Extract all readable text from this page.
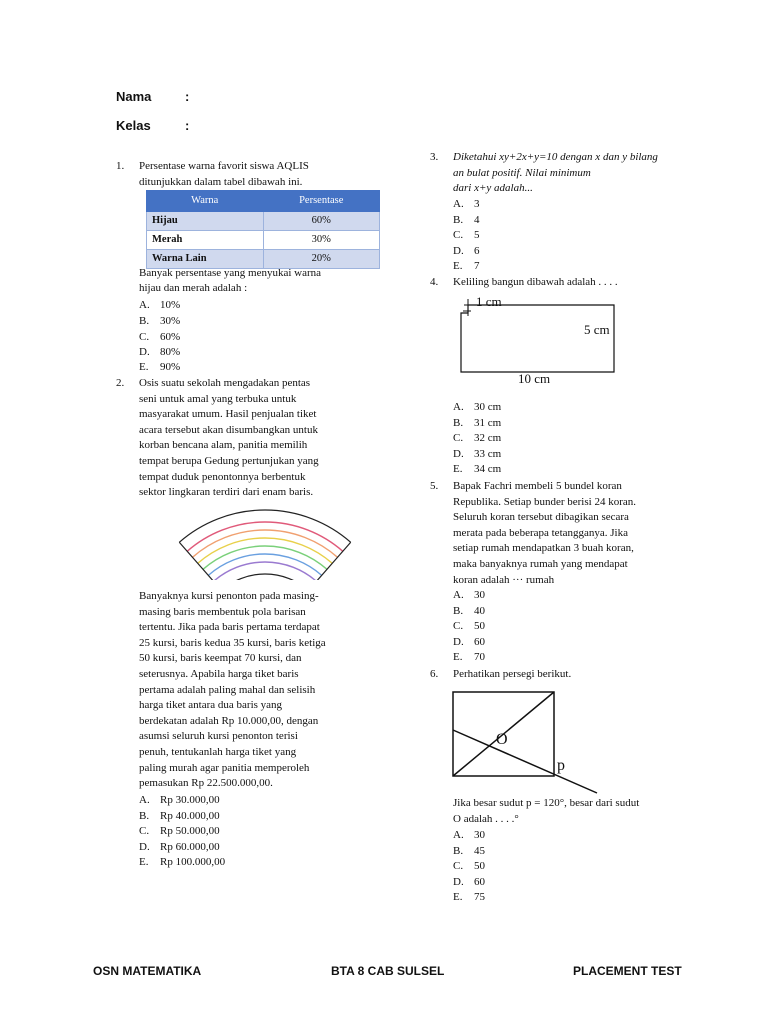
Nama	:
Kelas	:
1.	Persentase warna favorit siswa AQLIS
ditunjukkan dalam tabel dibawah ini.
Warna	Persentase
Hijau	60%
Merah	30%
Warna Lain	20%
Banyak persentase yang menyukai warna
hijau dan merah adalah :
A. 10%
B. 30%
C. 60%
D. 80%
E. 90%
2.	Osis suatu sekolah mengadakan pentas
seni untuk amal yang terbuka untuk
masyarakat umum. Hasil penjualan tiket
acara tersebut akan disumbangkan untuk
korban bencana alam, panitia memilih
tempat berupa Gedung pertunjukan yang
tempat duduk penontonnya berbentuk
sektor lingkaran terdiri dari enam baris.
Banyaknya kursi penonton pada masing-
masing baris membentuk pola barisan
tertentu. Jika pada baris pertama terdapat
25 kursi, baris kedua 35 kursi, baris ketiga
50 kursi, baris keempat 70 kursi, dan
seterusnya. Apabila harga tiket baris
pertama adalah paling mahal dan selisih
harga tiket antara dua baris yang
berdekatan adalah Rp 10.000,00, dengan
asumsi seluruh kursi penonton terisi
penuh, tentukanlah harga tiket yang
paling murah agar panitia memperoleh
pemasukan Rp 22.500.000,00.
A. Rp 30.000,00
B. Rp 40.000,00
C. Rp 50.000,00
D. Rp 60.000,00
E. Rp 100.000,00
3.	Diketahui xy+2x+y=10 dengan x dan y bilang
an bulat positif. Nilai minimum
dari x+y adalah...
A. 3
B. 4
C. 5
D. 6
E. 7
4.	Keliling bangun dibawah adalah . . . .
1 cm
5 cm
10 cm
A. 30 cm
B. 31 cm
C. 32 cm
D. 33 cm
E. 34 cm
5.	Bapak Fachri membeli 5 bundel koran
Republika. Setiap bunder berisi 24 koran.
Seluruh koran tersebut dibagikan secara
merata pada beberapa tetangganya. Jika
setiap rumah mendapatkan 3 buah koran,
maka banyaknya rumah yang mendapat
koran adalah ··· rumah
A. 30
B. 40
C. 50
D. 60
E. 70
6.	Perhatikan persegi berikut.
O
p
Jika besar sudut p = 120°, besar dari sudut
O adalah . . . .°
A. 30
B. 45
C. 50
D. 60
E. 75
OSN MATEMATIKA	BTA 8 CAB SULSEL	PLACEMENT TEST
